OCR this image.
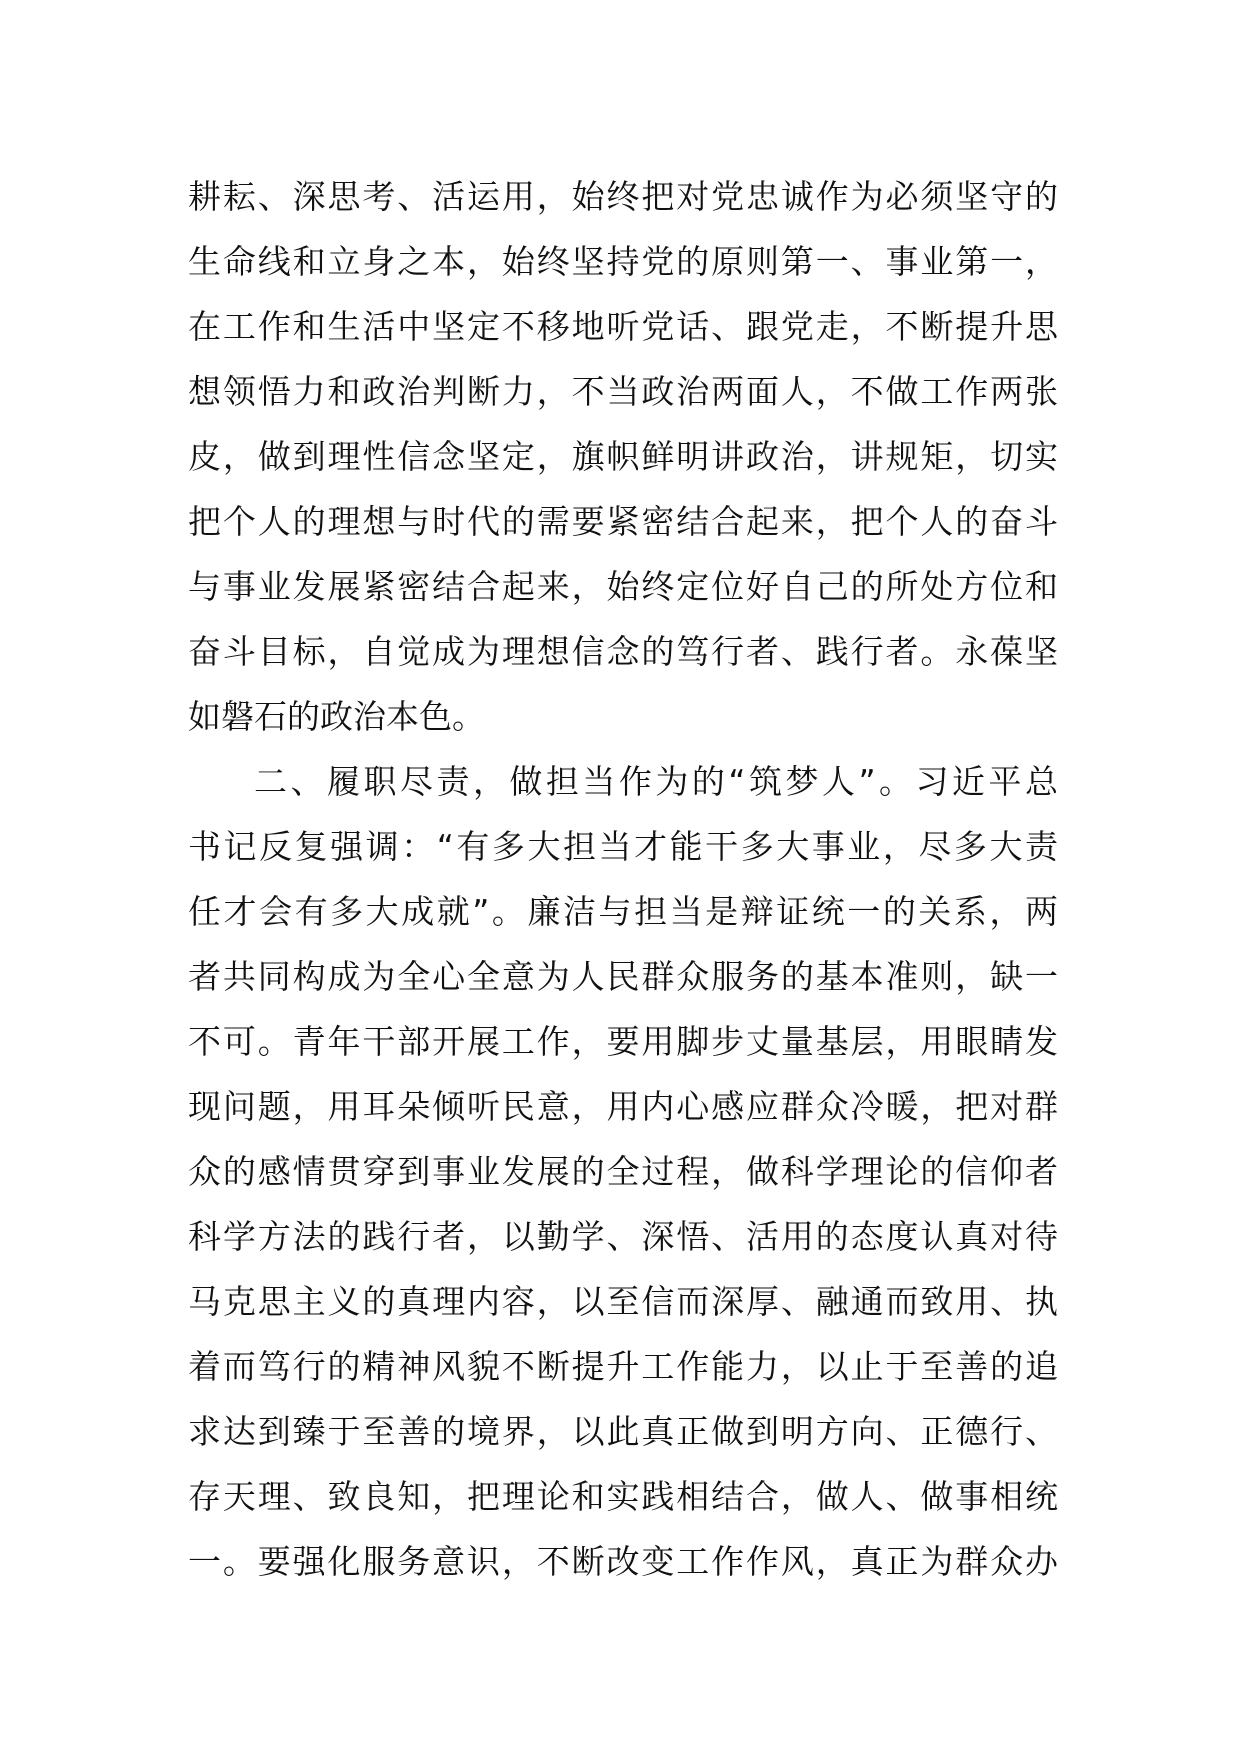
耕耘、深思考、活运用，始终把对党忠诚作为必须坚守的
生命线和立身之本，始终坚持党的原则第一、事业第一，
在工作和生活中坚定不移地听党话、跟党走，不断提升思
想领悟力和政治判断力，不当政治两面人，不做工作两张
皮，做到理性信念坚定，旗帜鲜明讲政治，讲规矩，切实
把个人的理想与时代的需要紧密结合起来，把个人的奋斗
与事业发展紧密结合起来，始终定位好自己的所处方位和
奋斗目标，自觉成为理想信念的笃行者、践行者。永葆坚
如磐石的政治本色。
二、履职尽责，做担当作为的“筑梦人”。习近平总
书记反复强调：“有多大担当才能干多大事业，尽多大责
任才会有多大成就”。廉洁与担当是辩证统一的关系，两
者共同构成为全心全意为人民群众服务的基本准则，缺一
不可。青年干部开展工作，要用脚步丈量基层，用眼睛发
现问题，用耳朵倾听民意，用内心感应群众冷暖，把对群
众的感情贯穿到事业发展的全过程，做科学理论的信仰者
科学方法的践行者，以勤学、深悟、活用的态度认真对待
马克思主义的真理内容，以至信而深厚、融通而致用、执
着而笃行的精神风貌不断提升工作能力，以止于至善的追
求达到臻于至善的境界，以此真正做到明方向、正德行、
存天理、致良知，把理论和实践相结合，做人、做事相统
一。要强化服务意识，不断改变工作作风，真正为群众办
